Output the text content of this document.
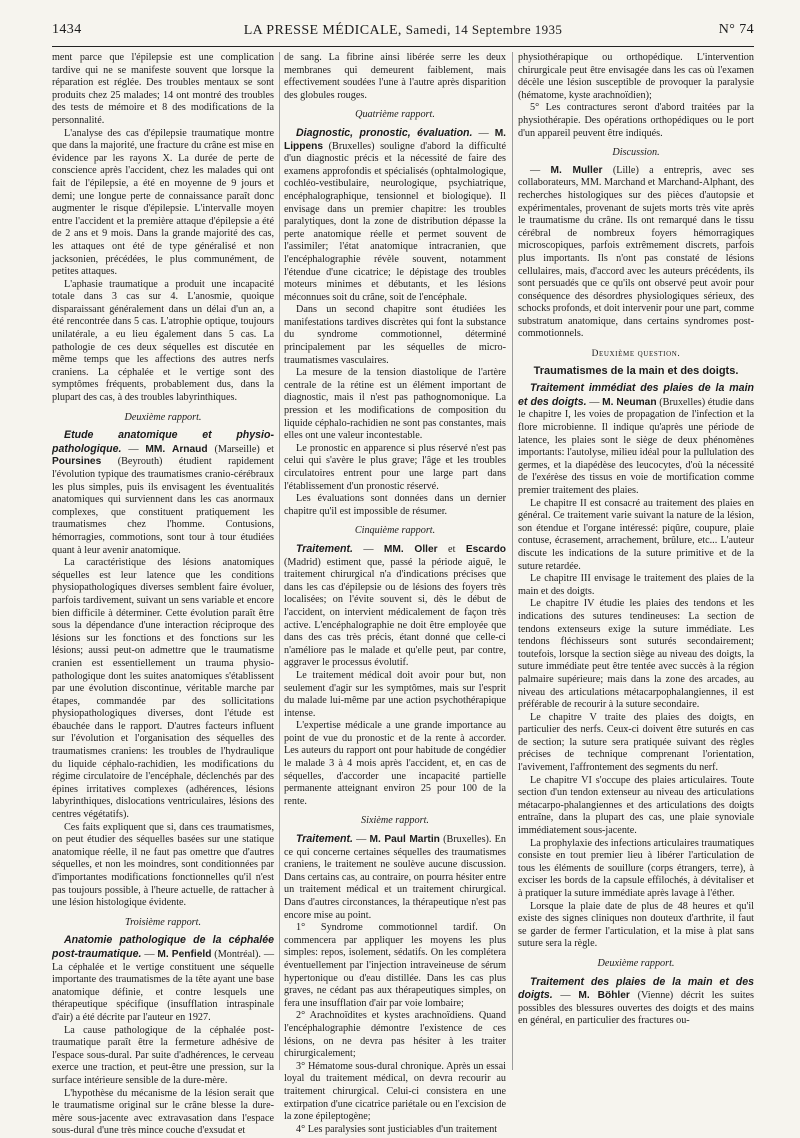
1434	LA PRESSE MÉDICALE, Samedi, 14 Septembre 1935	N° 74

ment parce que l'épilepsie est une complication tardive qui ne se manifeste souvent que lorsque la réparation est réglée. Des troubles mentaux se sont produits chez 25 malades; 14 ont montré des troubles des tests de mémoire et 8 des modifications de la personnalité.

L'analyse des cas d'épilepsie traumatique montre que dans la majorité, une fracture du crâne est mise en évidence par les rayons X. La durée de perte de conscience après l'accident, chez les malades qui ont fait de l'épilepsie, a été en moyenne de 9 jours et demi; une longue perte de connaissance paraît donc augmenter le risque d'épilepsie. L'intervalle moyen entre l'accident et la première attaque d'épilepsie a été de 2 ans et 9 mois. Dans la grande majorité des cas, les attaques ont été de type généralisé et non jacksonien, précédées, le plus communément, de petites attaques.

L'aphasie traumatique a produit une incapacité totale dans 3 cas sur 4. L'anosmie, quoique disparaissant généralement dans un délai d'un an, a été rencontrée dans 5 cas. L'atrophie optique, toujours unilatérale, a eu lieu également dans 5 cas. La pathologie de ces deux séquelles est discutée en même temps que les affections des autres nerfs craniens. La céphalée et le vertige sont des symptômes fréquents, probablement dus, dans la plupart des cas, à des troubles labyrinthiques.

Deuxième rapport.

Etude anatomique et physio-pathologique. — MM. Arnaud (Marseille) et Poursines (Beyrouth) étudient rapidement l'évolution typique des traumatismes cranio-cérébraux les plus simples, puis ils envisagent les éventualités anatomiques qui surviennent dans les cas anormaux complexes, que constituent pratiquement les traumatismes chez l'homme. Contusions, hémorragies, commotions, sont tour à tour étudiées quant à leur avenir anatomique.

La caractéristique des lésions anatomiques séquelles est leur latence que les conditions physiopathologiques diverses semblent faire évoluer, parfois tardivement, suivant un sens variable et encore bien difficile à déterminer. Cette évolution paraît être sous la dépendance d'une interaction réciproque des lésions sur les fonctions et des fonctions sur les lésions; aussi peut-on admettre que le traumatisme cranien est essentiellement un trauma physio-pathologique dont les suites anatomiques s'établissent par une évolution discontinue, véritable marche par étapes, commandée par des sollicitations physiopathologiques diverses, dont l'étude est ébauchée dans le rapport. D'autres facteurs influent sur l'évolution et l'organisation des séquelles des traumatismes craniens: les troubles de l'hydraulique du liquide céphalo-rachidien, les modifications du régime circulatoire de l'encéphale, déclenchés par des épines irritatives complexes (adhérences, lésions labyrinthiques, dislocations ventriculaires, lésions des centres végétatifs).

Ces faits expliquent que si, dans ces traumatismes, on peut étudier des séquelles basées sur une statique anatomique réelle, il ne faut pas omettre que d'autres séquelles, et non les moindres, sont conditionnées par d'importantes modifications fonctionnelles qu'il n'est pas toujours possible, à l'heure actuelle, de rattacher à une lésion histologique évidente.

Troisième rapport.

Anatomie pathologique de la céphalée post-traumatique. — M. Penfield (Montréal). — La céphalée et le vertige constituent une séquelle importante des traumatismes de la tête ayant une base anatomique définie, et contre lesquels une thérapeutique spécifique (insufflation intraspinale d'air) a été décrite par l'auteur en 1927.

La cause pathologique de la céphalée post-traumatique paraît être la fermeture adhésive de l'espace sous-dural. Par suite d'adhérences, le cerveau exerce une traction, et peut-être une pression, sur la surface intérieure sensible de la dure-mère.

L'hypothèse du mécanisme de la lésion serait que le traumatisme original sur le crâne blesse la dure-mère sous-jacente avec extravasation dans l'espace sous-dural d'une très mince couche d'exsudat et

de sang. La fibrine ainsi libérée serre les deux membranes qui demeurent faiblement, mais effectivement soudées l'une à l'autre après disparition des globules rouges.

Quatrième rapport.

Diagnostic, pronostic, évaluation. — M. Lippens (Bruxelles) souligne d'abord la difficulté d'un diagnostic précis et la nécessité de faire des examens approfondis et spécialisés (ophtalmologique, cochléo-vestibulaire, neurologique, psychiatrique, encéphalographique, tensionnel et biologique). Il envisage dans un premier chapitre: les troubles paralytiques, dont la zone de distribution dépasse la perte anatomique réelle et permet souvent de l'assimiler; l'état anatomique intracranien, que l'encéphalographie révèle souvent, notamment l'étendue d'une cicatrice; le dépistage des troubles moteurs minimes et débutants, et les lésions méconnues soit du crâne, soit de l'encéphale.

Dans un second chapitre sont étudiées les manifestations tardives discrètes qui font la substance du syndrome commotionnel, déterminé principalement par les séquelles de micro-traumatismes vasculaires.

La mesure de la tension diastolique de l'artère centrale de la rétine est un élément important de diagnostic, mais il n'est pas pathognomonique. La pression et les modifications de composition du liquide céphalo-rachidien ne sont pas constantes, mais elles ont une valeur incontestable.

Le pronostic en apparence si plus réservé n'est pas celui qui s'avère le plus grave; l'âge et les troubles circulatoires entrent pour une large part dans l'établissement d'un pronostic réservé.

Les évaluations sont données dans un dernier chapitre qu'il est impossible de résumer.

Cinquième rapport.

Traitement. — MM. Oller et Escardo (Madrid) estiment que, passé la période aiguë, le traitement chirurgical n'a d'indications précises que dans les cas d'épilepsie ou de lésions des foyers très localisées; on l'évite souvent si, dès le début de l'accident, on intervient médicalement de façon très active. L'encéphalographie ne doit être employée que dans des cas très précis, étant donné que celle-ci n'améliore pas le malade et qu'elle peut, par contre, aggraver le processus évolutif.

Le traitement médical doit avoir pour but, non seulement d'agir sur les symptômes, mais sur l'esprit du malade lui-même par une action psychothérapique intense.

L'expertise médicale a une grande importance au point de vue du pronostic et de la rente à accorder. Les auteurs du rapport ont pour habitude de congédier le malade 3 à 4 mois après l'accident, et, en cas de séquelles, d'accorder une incapacité partielle permanente atteignant environ 25 pour 100 de la rente.

Sixième rapport.

Traitement. — M. Paul Martin (Bruxelles). En ce qui concerne certaines séquelles des traumatismes craniens, le traitement ne soulève aucune discussion. Dans certains cas, au contraire, on pourra hésiter entre un traitement médical et un traitement chirurgical. Dans d'autres circonstances, la thérapeutique n'est pas encore mise au point.

1° Syndrome commotionnel tardif. On commencera par appliquer les moyens les plus simples: repos, isolement, sédatifs. On les complétera éventuellement par l'injection intraveineuse de sérum hypertonique ou d'eau distillée. Dans les cas plus graves, ne cédant pas aux thérapeutiques simples, on fera une insufflation d'air par voie lombaire;

2° Arachnoïdites et kystes arachnoïdiens. Quand l'encéphalographie démontre l'existence de ces lésions, on ne devra pas hésiter à les traiter chirurgicalement;

3° Hématome sous-dural chronique. Après un essai loyal du traitement médical, on devra recourir au traitement chirurgical. Celui-ci consistera en une extirpation d'une cicatrice pariétale ou en l'excision de la zone épileptogène;

4° Les paralysies sont justiciables d'un traitement

physiothérapique ou orthopédique. L'intervention chirurgicale peut être envisagée dans les cas où l'examen décèle une lésion susceptible de provoquer la paralysie (hématome, kyste arachnoïdien);

5° Les contractures seront d'abord traitées par la physiothérapie. Des opérations orthopédiques ou le port d'un appareil peuvent être indiqués.

Discussion.

— M. Muller (Lille) a entrepris, avec ses collaborateurs, MM. Marchand et Marchand-Alphant, des recherches histologiques sur des pièces d'autopsie et expérimentales, provenant de sujets morts très vite après le traumatisme du crâne. Ils ont remarqué dans le tissu cérébral de nombreux foyers hémorragiques microscopiques, parfois extrêmement discrets, parfois plus importants. Ils n'ont pas constaté de lésions cellulaires, mais, d'accord avec les auteurs précédents, ils sont persuadés que ce qu'ils ont observé peut avoir pour conséquence des désordres physiologiques sérieux, des schocks profonds, et doit intervenir pour une part, comme substratum anatomique, dans certains syndromes post-commotionnels.

Deuxième question.

Traumatismes de la main et des doigts.

Traitement immédiat des plaies de la main et des doigts. — M. Neuman (Bruxelles) étudie dans le chapitre I, les voies de propagation de l'infection et la flore microbienne. Il indique qu'après une période de latence, les plaies sont le siège de deux phénomènes importants: l'autolyse, milieu idéal pour la pullulation des germes, et la diapédèse des leucocytes, d'où la nécessité de l'exérèse des tissus en voie de mortification comme premier traitement des plaies.

Le chapitre II est consacré au traitement des plaies en général. Ce traitement varie suivant la nature de la lésion, son étendue et l'organe intéressé: piqûre, coupure, plaie contuse, écrasement, arrachement, brûlure, etc... L'auteur discute les indications de la suture primitive et de la suture retardée.

Le chapitre III envisage le traitement des plaies de la main et des doigts.

Le chapitre IV étudie les plaies des tendons et les indications des sutures tendineuses: La section de tendons extenseurs exige la suture immédiate. Les tendons fléchisseurs sont suturés secondairement; toutefois, lorsque la section siège au niveau des doigts, la suture immédiate peut être tentée avec succès à la région palmaire supérieure; mais dans la zone des arcades, au niveau des articulations métacarpophalangiennes, il est préférable de recourir à la suture secondaire.

Le chapitre V traite des plaies des doigts, en particulier des nerfs. Ceux-ci doivent être suturés en cas de section; la suture sera pratiquée suivant des règles précises de technique comprenant l'orientation, l'avivement, l'affrontement des segments du nerf.

Le chapitre VI s'occupe des plaies articulaires. Toute section d'un tendon extenseur au niveau des articulations métacarpo-phalangiennes et des articulations des doigts entraîne, dans la plupart des cas, une plaie synoviale immédiatement sous-jacente.

La prophylaxie des infections articulaires traumatiques consiste en tout premier lieu à libérer l'articulation de tous les éléments de souillure (corps étrangers, terre), à exciser les bords de la capsule effilochés, à dévitaliser et à pratiquer la suture immédiate après lavage à l'éther.

Lorsque la plaie date de plus de 48 heures et qu'il existe des signes cliniques non douteux d'arthrite, il faut se garder de fermer l'articulation, et la mise à plat sans suture sera la règle.

Deuxième rapport.

Traitement des plaies de la main et des doigts. — M. Böhler (Vienne) décrit les suites possibles des blessures ouvertes des doigts et des mains en général, en particulier des fractures ou-
